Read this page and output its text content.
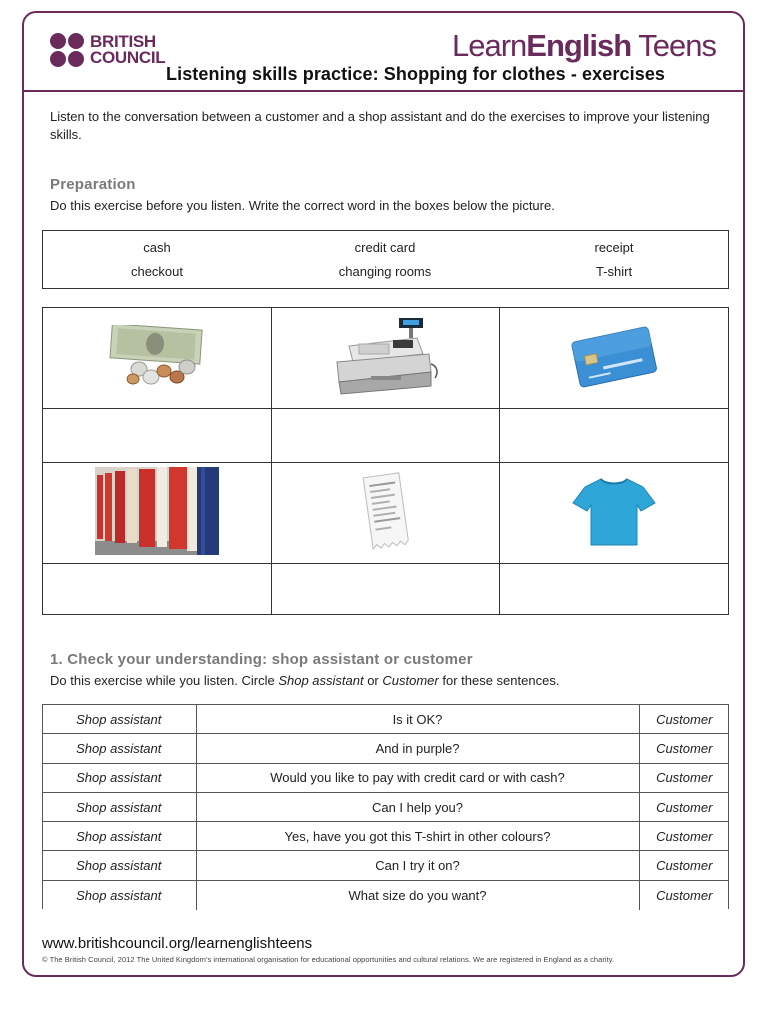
BRITISH
COUNCIL	LearnEnglish Teens
Listening skills practice: Shopping for clothes - exercises
Listen to the conversation between a customer and a shop assistant and do the exercises to improve your listening skills.
Preparation
Do this exercise before you listen. Write the correct word in the boxes below the picture.
cash	credit card	receipt
checkout	changing rooms	T-shirt

1. Check your understanding: shop assistant or customer
Do this exercise while you listen. Circle Shop assistant or Customer for these sentences.
Shop assistant	Is it OK?	Customer
Shop assistant	And in purple?	Customer
Shop assistant	Would you like to pay with credit card or with cash?	Customer
Shop assistant	Can I help you?	Customer
Shop assistant	Yes, have you got this T-shirt in other colours?	Customer
Shop assistant	Can I try it on?	Customer
Shop assistant	What size do you want?	Customer
www.britishcouncil.org/learnenglishteens
© The British Council, 2012 The United Kingdom’s international organisation for educational opportunities and cultural relations. We are registered in England as a charity.
